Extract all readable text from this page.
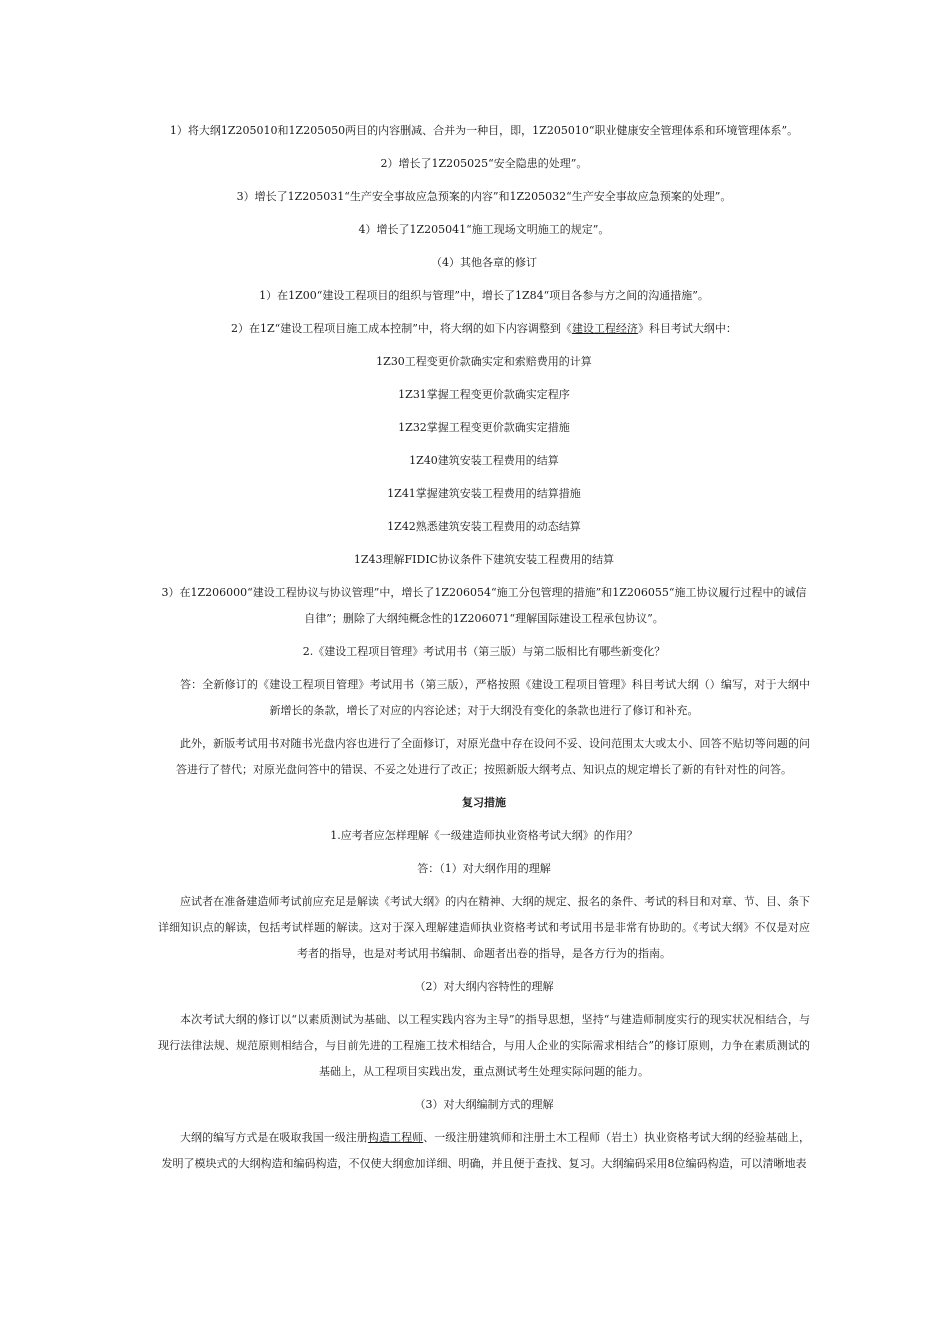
1）将大纲1Z205010和1Z205050两目的内容删减、合并为一种目，即，1Z205010“职业健康安全管理体系和环境管理体系”。

2）增长了1Z205025“安全隐患的处理”。

3）增长了1Z205031“生产安全事故应急预案的内容”和1Z205032“生产安全事故应急预案的处理”。

4）增长了1Z205041“施工现场文明施工的规定”。

（4）其他各章的修订

1）在1Z00“建设工程项目的组织与管理”中，增长了1Z84“项目各参与方之间的沟通措施”。

2）在1Z“建设工程项目施工成本控制”中，将大纲的如下内容调整到《建设工程经济》科目考试大纲中：

1Z30工程变更价款确实定和索赔费用的计算

1Z31掌握工程变更价款确实定程序

1Z32掌握工程变更价款确实定措施

1Z40建筑安装工程费用的结算

1Z41掌握建筑安装工程费用的结算措施

1Z42熟悉建筑安装工程费用的动态结算

1Z43理解FIDIC协议条件下建筑安装工程费用的结算

3）在1Z206000“建设工程协议与协议管理”中，增长了1Z206054“施工分包管理的措施”和1Z206055“施工协议履行过程中的诚信自律”；删除了大纲纯概念性的1Z206071“理解国际建设工程承包协议”。

2.《建设工程项目管理》考试用书（第三版）与第二版相比有哪些新变化？

答：全新修订的《建设工程项目管理》考试用书（第三版），严格按照《建设工程项目管理》科目考试大纲（）编写，对于大纲中新增长的条款，增长了对应的内容论述；对于大纲没有变化的条款也进行了修订和补充。

此外，新版考试用书对随书光盘内容也进行了全面修订，对原光盘中存在设问不妥、设问范围太大或太小、回答不贴切等问题的问答进行了替代；对原光盘问答中的错误、不妥之处进行了改正；按照新版大纲考点、知识点的规定增长了新的有针对性的问答。

复习措施

1.应考者应怎样理解《一级建造师执业资格考试大纲》的作用？

答：（1）对大纲作用的理解

应试者在准备建造师考试前应充足是解读《考试大纲》的内在精神、大纲的规定、报名的条件、考试的科目和对章、节、目、条下详细知识点的解读，包括考试样题的解读。这对于深入理解建造师执业资格考试和考试用书是非常有协助的。《考试大纲》不仅是对应考者的指导，也是对考试用书编制、命题者出卷的指导，是各方行为的指南。

（2）对大纲内容特性的理解

本次考试大纲的修订以“以素质测试为基础、以工程实践内容为主导”的指导思想，坚持“与建造师制度实行的现实状况相结合，与现行法律法规、规范原则相结合，与目前先进的工程施工技术相结合，与用人企业的实际需求相结合”的修订原则，力争在素质测试的基础上，从工程项目实践出发，重点测试考生处理实际问题的能力。

（3）对大纲编制方式的理解

大纲的编写方式是在吸取我国一级注册构造工程师、一级注册建筑师和注册土木工程师（岩土）执业资格考试大纲的经验基础上，发明了模块式的大纲构造和编码构造，不仅使大纲愈加详细、明确，并且便于查找、复习。大纲编码采用8位编码构造，可以清晰地表
